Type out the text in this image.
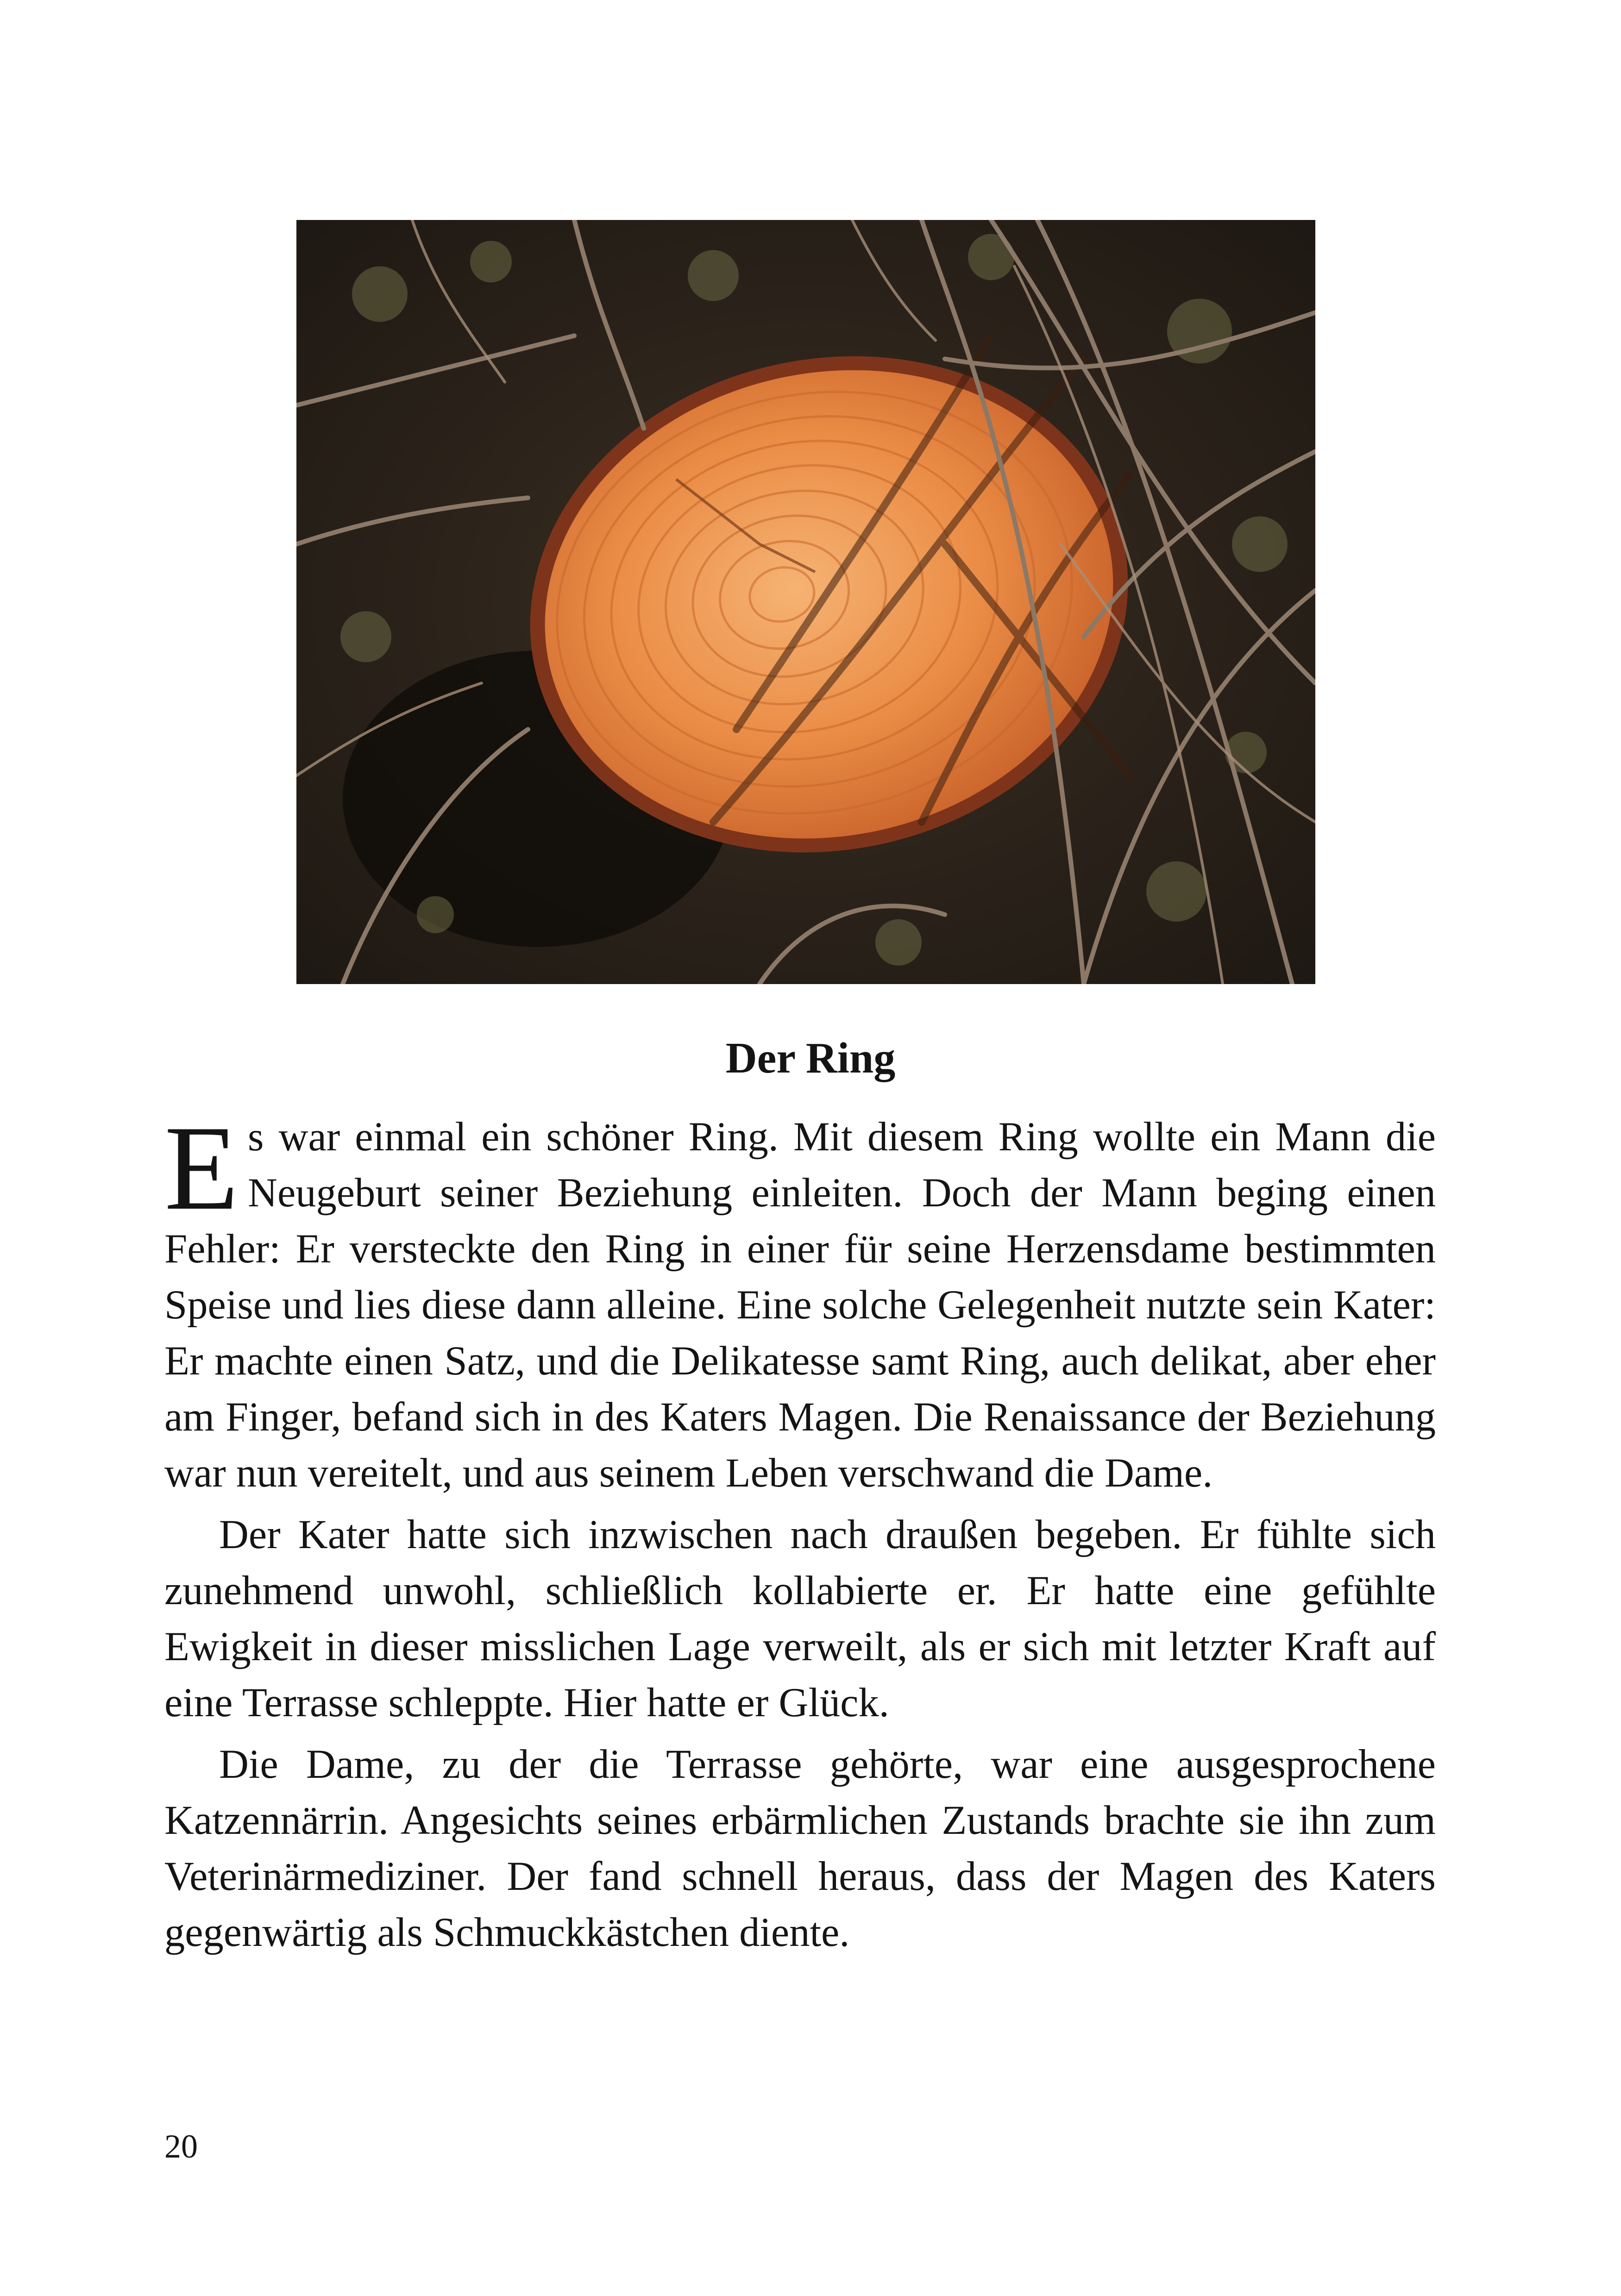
Der Ring

Es war einmal ein schöner Ring. Mit diesem Ring wollte ein Mann die Neugeburt seiner Beziehung einleiten. Doch der Mann beging einen Fehler: Er versteckte den Ring in einer für seine Herzensdame bestimmten Speise und lies diese dann alleine. Eine solche Gelegenheit nutzte sein Kater: Er machte einen Satz, und die Delikatesse samt Ring, auch delikat, aber eher am Finger, befand sich in des Katers Magen. Die Renaissance der Beziehung war nun vereitelt, und aus seinem Leben verschwand die Dame.

Der Kater hatte sich inzwischen nach draußen begeben. Er fühlte sich zunehmend unwohl, schließlich kollabierte er. Er hatte eine gefühlte Ewigkeit in dieser misslichen Lage verweilt, als er sich mit letzter Kraft auf eine Terrasse schleppte. Hier hatte er Glück.

Die Dame, zu der die Terrasse gehörte, war eine ausgesprochene Katzennärrin. Angesichts seines erbärmlichen Zustands brachte sie ihn zum Veterinärmediziner. Der fand schnell heraus, dass der Magen des Katers gegenwärtig als Schmuckkästchen diente.

20
